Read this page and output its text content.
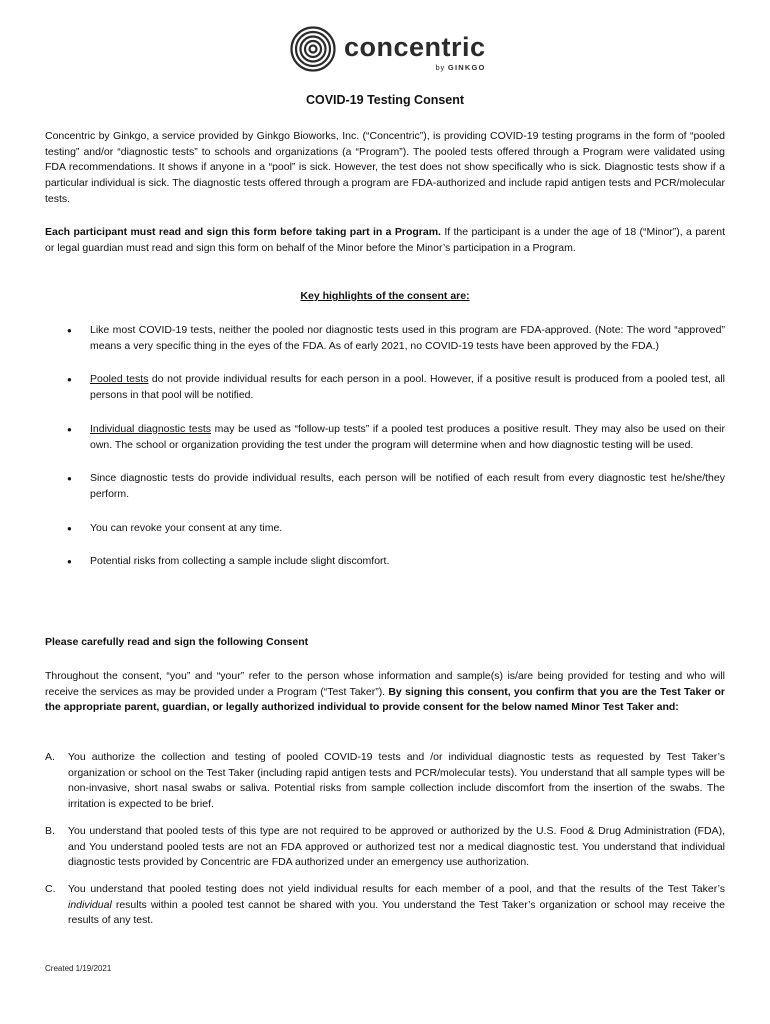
concentric
by GINKGO
COVID-19 Testing Consent
Concentric by Ginkgo, a service provided by Ginkgo Bioworks, Inc. (“Concentric”), is providing COVID-19 testing programs in the form of “pooled testing” and/or “diagnostic tests” to schools and organizations (a “Program”). The pooled tests offered through a Program were validated using FDA recommendations. It shows if anyone in a “pool” is sick. However, the test does not show specifically who is sick. Diagnostic tests show if a particular individual is sick. The diagnostic tests offered through a program are FDA-authorized and include rapid antigen tests and PCR/molecular tests.
Each participant must read and sign this form before taking part in a Program. If the participant is a under the age of 18 (“Minor”), a parent or legal guardian must read and sign this form on behalf of the Minor before the Minor’s participation in a Program.
Key highlights of the consent are:
● Like most COVID-19 tests, neither the pooled nor diagnostic tests used in this program are FDA-approved. (Note: The word “approved” means a very specific thing in the eyes of the FDA. As of early 2021, no COVID-19 tests have been approved by the FDA.)
● Pooled tests do not provide individual results for each person in a pool. However, if a positive result is produced from a pooled test, all persons in that pool will be notified.
● Individual diagnostic tests may be used as “follow-up tests” if a pooled test produces a positive result. They may also be used on their own. The school or organization providing the test under the program will determine when and how diagnostic testing will be used.
● Since diagnostic tests do provide individual results, each person will be notified of each result from every diagnostic test he/she/they perform.
● You can revoke your consent at any time.
● Potential risks from collecting a sample include slight discomfort.
Please carefully read and sign the following Consent
Throughout the consent, “you” and “your” refer to the person whose information and sample(s) is/are being provided for testing and who will receive the services as may be provided under a Program (“Test Taker”). By signing this consent, you confirm that you are the Test Taker or the appropriate parent, guardian, or legally authorized individual to provide consent for the below named Minor Test Taker and:
A. You authorize the collection and testing of pooled COVID-19 tests and /or individual diagnostic tests as requested by Test Taker’s organization or school on the Test Taker (including rapid antigen tests and PCR/molecular tests). You understand that all sample types will be non-invasive, short nasal swabs or saliva. Potential risks from sample collection include discomfort from the insertion of the swabs. The irritation is expected to be brief.
B. You understand that pooled tests of this type are not required to be approved or authorized by the U.S. Food & Drug Administration (FDA), and You understand pooled tests are not an FDA approved or authorized test nor a medical diagnostic test. You understand that individual diagnostic tests provided by Concentric are FDA authorized under an emergency use authorization.
C. You understand that pooled testing does not yield individual results for each member of a pool, and that the results of the Test Taker’s individual results within a pooled test cannot be shared with you. You understand the Test Taker’s organization or school may receive the results of any test.
Created 1/19/2021
